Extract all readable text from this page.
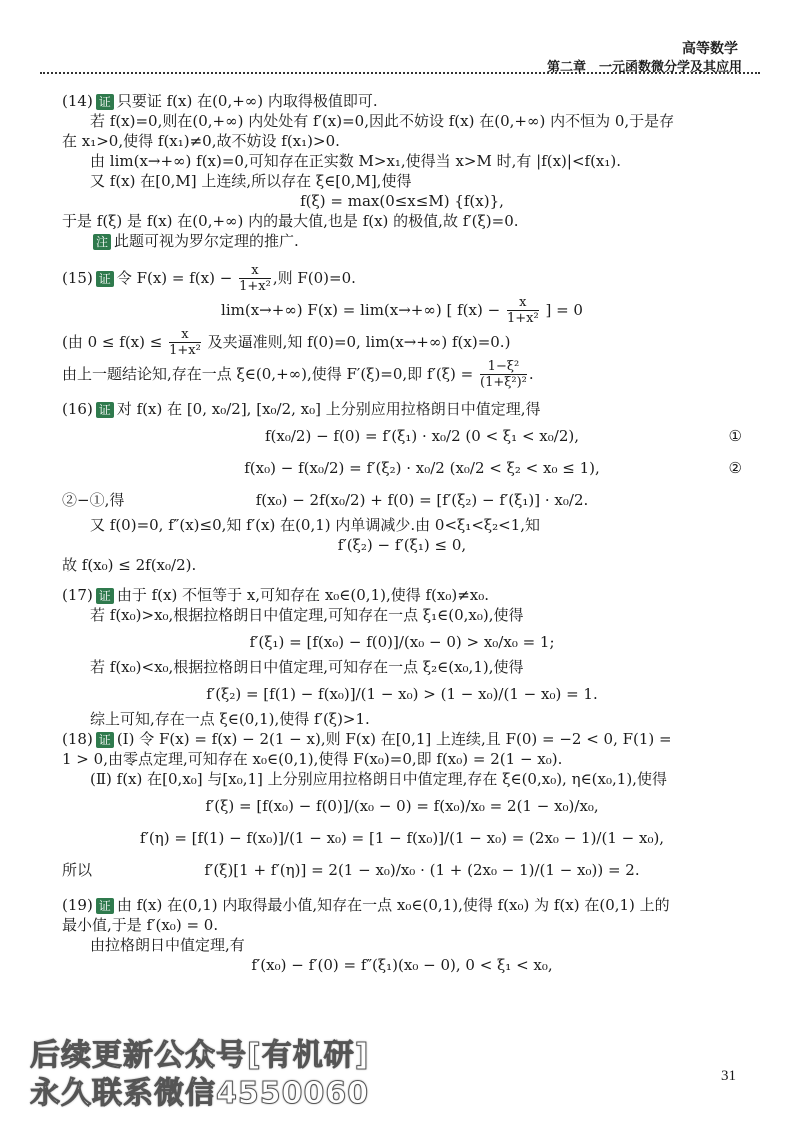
高等数学
第二章　一元函数微分学及其应用
(14) 证 只要证 f(x) 在(0,+∞) 内取得极值即可.
若 f(x)=0,则在(0,+∞) 内处处有 f′(x)=0,因此不妨设 f(x) 在(0,+∞) 内不恒为 0,于是存
在 x₁>0,使得 f(x₁)≠0,故不妨设 f(x₁)>0.
由 lim(x→+∞) f(x)=0,可知存在正实数 M>x₁,使得当 x>M 时,有 |f(x)|<f(x₁).
又 f(x) 在[0,M] 上连续,所以存在 ξ∈[0,M],使得
f(ξ) = max(0≤x≤M) {f(x)},
于是 f(ξ) 是 f(x) 在(0,+∞) 内的最大值,也是 f(x) 的极值,故 f′(ξ)=0.
注 此题可视为罗尔定理的推广.
(15) 证 令 $F(x) = f(x) - \frac{x}{\text{1+x²}}$ ,则 F(0)=0.
lim(x→+∞) F(x) = lim(x→+∞) [ $f(x) - \frac{x}{\text{1+x²}}$ ] = 0
(由 $0 \le f(x) \le \frac{x}{\text{1+x²}}$ 及夹逼准则,知 f(0)=0, lim(x→+∞) f(x)=0.)
由上一题结论知,存在一点 ξ∈(0,+∞),使得 F′(ξ)=0,即 $f'(\xi) = \frac{\text{1−ξ²}}{\text{(1+ξ²)²}}$ .
(16) 证 对 f(x) 在 [0, x₀/2], [x₀/2, x₀] 上分别应用拉格朗日中值定理,得
f(x₀/2) − f(0) = f′(ξ₁) · x₀/2 (0 < ξ₁ < x₀/2),	①
f(x₀) − f(x₀/2) = f′(ξ₂) · x₀/2 (x₀/2 < ξ₂ < x₀ ≤ 1),	②
②−①,得	f(x₀) − 2f(x₀/2) + f(0) = [f′(ξ₂) − f′(ξ₁)] · x₀/2.
又 f(0)=0, f″(x)≤0,知 f′(x) 在(0,1) 内单调减少.由 0<ξ₁<ξ₂<1,知
f′(ξ₂) − f′(ξ₁) ≤ 0,
故 f(x₀) ≤ 2f(x₀/2).
(17) 证 由于 f(x) 不恒等于 x,可知存在 x₀∈(0,1),使得 f(x₀)≠x₀.
若 f(x₀)>x₀,根据拉格朗日中值定理,可知存在一点 ξ₁∈(0,x₀),使得
f′(ξ₁) = [f(x₀) − f(0)]/(x₀ − 0) > x₀/x₀ = 1;
若 f(x₀)<x₀,根据拉格朗日中值定理,可知存在一点 ξ₂∈(x₀,1),使得
f′(ξ₂) = [f(1) − f(x₀)]/(1 − x₀) > (1 − x₀)/(1 − x₀) = 1.
综上可知,存在一点 ξ∈(0,1),使得 f′(ξ)>1.
(18) 证 (Ⅰ) 令 F(x) = f(x) − 2(1 − x),则 F(x) 在[0,1] 上连续,且 F(0) = −2 < 0, F(1) =
1 > 0,由零点定理,可知存在 x₀∈(0,1),使得 F(x₀)=0,即 f(x₀) = 2(1 − x₀).
(Ⅱ) f(x) 在[0,x₀] 与[x₀,1] 上分别应用拉格朗日中值定理,存在 ξ∈(0,x₀), η∈(x₀,1),使得
f′(ξ) = [f(x₀) − f(0)]/(x₀ − 0) = f(x₀)/x₀ = 2(1 − x₀)/x₀,
f′(η) = [f(1) − f(x₀)]/(1 − x₀) = [1 − f(x₀)]/(1 − x₀) = (2x₀ − 1)/(1 − x₀),
所以	f′(ξ)[1 + f′(η)] = 2(1 − x₀)/x₀ · (1 + (2x₀ − 1)/(1 − x₀)) = 2.
(19) 证 由 f(x) 在(0,1) 内取得最小值,知存在一点 x₀∈(0,1),使得 f(x₀) 为 f(x) 在(0,1) 上的
最小值,于是 f′(x₀) = 0.
由拉格朗日中值定理,有
f′(x₀) − f′(0) = f″(ξ₁)(x₀ − 0), 0 < ξ₁ < x₀,
31
后续更新公众号[有机研]
永久联系微信4550060
